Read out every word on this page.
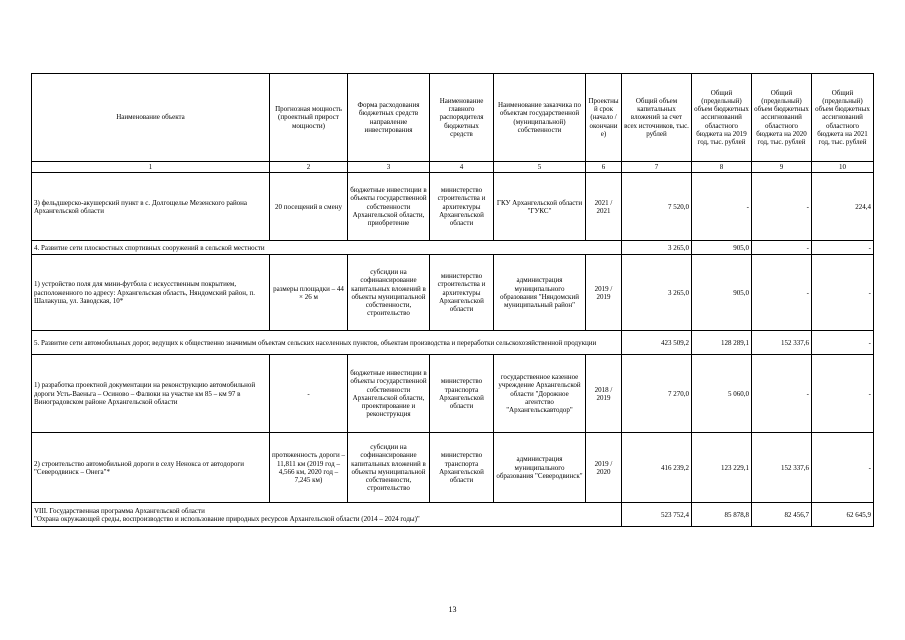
Наименование объекта	Прогнозная мощность (проектный прирост мощности)	Форма расходования бюджетных средств направление инвестирования	Наименование главного распорядителя бюджетных средств	Наименование заказчика по объектам государственной (муниципальной) собственности	Проектный срок (начало / окончание)	Общий объем капитальных вложений за счет всех источников, тыс. рублей	Общий (предельный) объем бюджетных ассигнований областного бюджета на 2019 год, тыс. рублей	Общий (предельный) объем бюджетных ассигнований областного бюджета на 2020 год, тыс. рублей	Общий (предельный) объем бюджетных ассигнований областного бюджета на 2021 год, тыс. рублей
1	2	3	4	5	6	7	8	9	10
3) фельдшерско-акушерский пункт в с. Долгощелье Мезенского района Архангельской области	20 посещений в смену	бюджетные инвестиции в объекты государственной собственности Архангельской области, приобретение	министерство строительства и архитектуры Архангельской области	ГКУ Архангельской области "ГУКС"	2021 / 2021	7 520,0	-	-	224,4
4. Развитие сети плоскостных спортивных сооружений в сельской местности						3 265,0	905,0	-	-
1) устройство поля для мини-футбола с искусственным покрытием, расположенного по адресу: Архангельская область, Няндомский район, п. Шалакуша, ул. Заводская, 10*	размеры площадки – 44 × 26 м	субсидии на софинансирование капитальных вложений в объекты муниципальной собственности, строительство	министерство строительства и архитектуры Архангельской области	администрация муниципального образования "Няндомский муниципальный район"	2019 / 2019	3 265,0	905,0	-	-
5. Развитие сети автомобильных дорог, ведущих к общественно значимым объектам сельских населенных пунктов, объектам производства и переработки сельскохозяйственной продукции						423 509,2	128 289,1	152 337,6	-
1) разработка проектной документации на реконструкцию автомобильной дороги Усть-Ваеньга – Осиново – Фалюки на участке км 85 – км 97 в Виноградовском районе Архангельской области	-	бюджетные инвестиции в объекты государственной собственности Архангельской области, проектирование и реконструкция	министерство транспорта Архангельской области	государственное казенное учреждение Архангельской области "Дорожное агентство "Архангельскавтодор"	2018 / 2019	7 270,0	5 060,0	-	-
2) строительство автомобильной дороги в селу Ненокса от автодороги "Северодвинск – Онега"*	протяженность дороги – 11,811 км (2019 год – 4,566 км, 2020 год – 7,245 км)	субсидии на софинансирование капитальных вложений в объекты муниципальной собственности, строительство	министерство транспорта Архангельской области	администрация муниципального образования "Северодвинск"	2019 / 2020	416 239,2	123 229,1	152 337,6	-

VIII. Государственная программа Архангельской области
"Охрана окружающей среды, воспроизводство и использование природных ресурсов Архангельской области (2014 – 2024 годы)"						523 752,4	85 878,8	82 456,7	62 645,9
13
